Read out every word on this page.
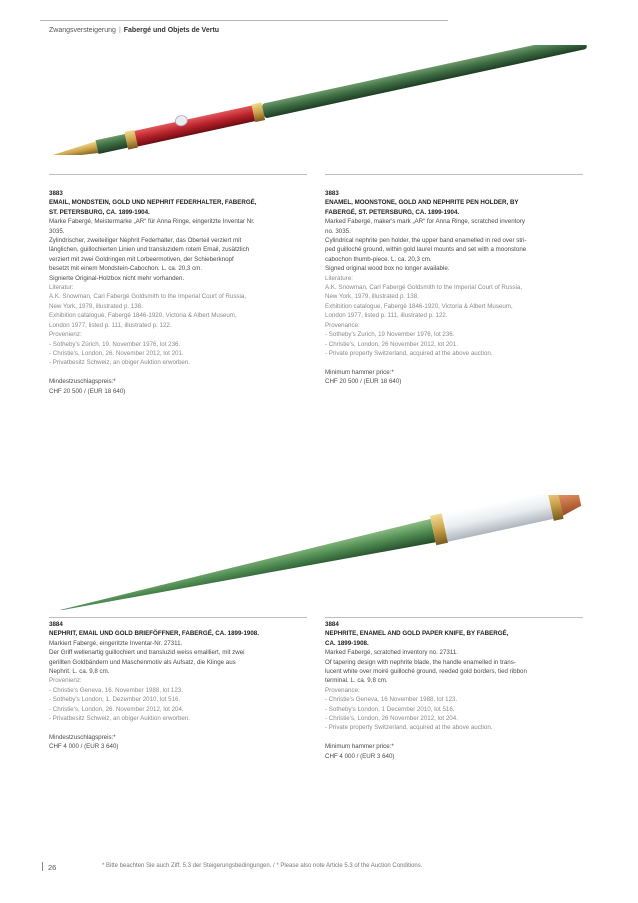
Zwangsversteigerung | Fabergé und Objets de Vertu
3883
EMAIL, MONDSTEIN, GOLD UND NEPHRIT FEDERHALTER, FABERGÉ,
ST. PETERSBURG, CA. 1899-1904.
Marke Fabergé, Meistermarke „AR“ für Anna Ringe, eingeritzte Inventar Nr.
3035.
Zylindrischer, zweiteiliger Nephrit Federhalter, das Oberteil verziert mit
länglichen, guillochierten Linien und transluzidem rotem Email, zusätzlich
verziert mit zwei Goldringen mit Lorbeermotiven, der Schieberknopf
besetzt mit einem Mondstein-Cabochon. L. ca. 20,3 cm.
Signierte Original-Holzbox nicht mehr vorhanden.
Literatur:
A.K. Snowman, Carl Fabergé Goldsmith to the Imperial Court of Russia,
New York, 1979, illustrated p. 138.
Exhibition catalogue, Fabergé 1846-1920, Victoria & Albert Museum,
London 1977, listed p. 111, illustrated p. 122.
Provenienz:
- Sotheby's Zürich, 19. November 1976, lot 236.
- Christie's, London, 26. November 2012, lot 201.
- Privatbesitz Schweiz, an obiger Auktion erworben.
Mindestzuschlagspreis:*
CHF 20 500 / (EUR 18 640)
3883
ENAMEL, MOONSTONE, GOLD AND NEPHRITE PEN HOLDER, BY
FABERGÉ, ST. PETERSBURG, CA. 1899-1904.
Marked Fabergé, maker's mark „AR“ for Anna Ringe, scratched inventory
no. 3035.
Cylindrical nephrite pen holder, the upper band enamelled in red over stri-
ped guilloché ground, within gold laurel mounts and set with a moonstone
cabochon thumb-piece. L. ca. 20,3 cm.
Signed original wood box no longer available.
Literature:
A.K. Snowman, Carl Fabergé Goldsmith to the Imperial Court of Russia,
New York, 1979, illustrated p. 138.
Exhibition catalogue, Fabergé 1846-1920, Victoria & Albert Museum,
London 1977, listed p. 111, illustrated p. 122.
Provenance:
- Sotheby's Zurich, 19 November 1976, lot 236.
- Christie's, London, 26 November 2012, lot 201.
- Private property Switzerland, acquired at the above auction.
Minimum hammer price:*
CHF 20 500 / (EUR 18 640)
3884
NEPHRIT, EMAIL UND GOLD BRIEFÖFFNER, FABERGÉ, CA. 1899-1908.
Markiert Fabergé, eingeritzte Inventar-Nr. 27311.
Der Griff wellenartig guillochiert und transluzid weiss emailliert, mit zwei
gerillten Goldbändern und Maschenmotiv als Aufsatz, die Klinge aus
Nephrit. L. ca. 9,8 cm.
Provenienz:
- Christie's Geneva, 16. November 1988, lot 123.
- Sotheby's London, 1. Dezember 2010, lot 516.
- Christie's, London, 26. November 2012, lot 204.
- Privatbesitz Schweiz, an obiger Auktion erworben.
Mindestzuschlagspreis:*
CHF 4 000 / (EUR 3 640)
3884
NEPHRITE, ENAMEL AND GOLD PAPER KNIFE, BY FABERGÉ,
CA. 1899-1908.
Marked Fabergé, scratched inventory no. 27311.
Of tapering design with nephrite blade, the handle enamelled in trans-
lucent white over moiré guilloché ground, reeded gold borders, tied ribbon
terminal. L. ca. 9,8 cm.
Provenance:
- Christie's Geneva, 16 November 1988, lot 123.
- Sotheby's London, 1 December 2010, lot 516.
- Christie's, London, 26 November 2012, lot 204.
- Private property Switzerland, acquired at the above auction.
Minimum hammer price:*
CHF 4 000 / (EUR 3 640)
26	* Bitte beachten Sie auch Ziff. 5.3 der Steigerungsbedingungen. / * Please also note Article 5.3 of the Auction Conditions.
